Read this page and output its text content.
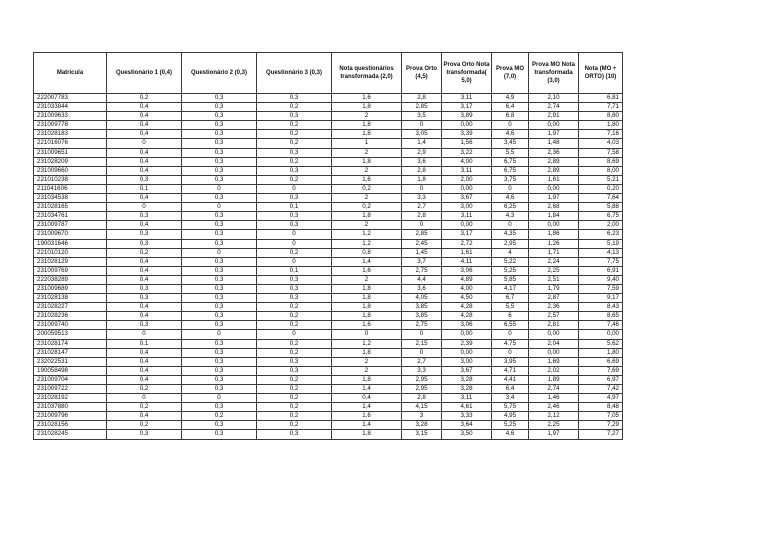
Matrícula	Questionário 1 (0,4)	Questionário 2 (0,3)	Questionário 3 (0,3)	Nota questionários transformada (2,0)	Prova Orto (4,5)	Prova Orto Nota transformada( 5,0)	Prova MO (7,0)	Prova MO Nota transformada (3,0)	Nota (MO + ORTO) (10)
222007783	0,2	0,3	0,3	1,6	2,8	3,11	4,9	2,10	6,81
231033844	0,4	0,3	0,2	1,8	2,85	3,17	6,4	2,74	7,71
231009633	0,4	0,3	0,3	2	3,5	3,89	6,8	2,91	8,80
231009778	0,4	0,3	0,2	1,8	0	0,00	0	0,00	1,80
231028183	0,4	0,3	0,2	1,8	3,05	3,39	4,6	1,97	7,16
221016076	0	0,3	0,2	1	1,4	1,56	3,45	1,48	4,03
231009651	0,4	0,3	0,3	2	2,9	3,22	5,5	2,36	7,58
231028209	0,4	0,3	0,2	1,8	3,6	4,00	6,75	2,89	8,69
231009660	0,4	0,3	0,3	2	2,8	3,11	6,75	2,89	8,00
221010238	0,3	0,3	0,2	1,6	1,8	2,00	3,75	1,61	5,21
211041606	0,1	0	0	0,2	0	0,00	0	0,00	0,20
231034538	0,4	0,3	0,3	2	3,3	3,67	4,6	1,97	7,64
231028165	0	0	0,1	0,2	2,7	3,00	6,25	2,68	5,88
231034761	0,3	0,3	0,3	1,8	2,8	3,11	4,3	1,84	6,75
231009787	0,4	0,3	0,3	2	0	0,00	0	0,00	2,00
231009670	0,3	0,3	0	1,2	2,85	3,17	4,35	1,86	6,23
190031646	0,3	0,3	0	1,2	2,45	2,72	2,95	1,26	5,19
221010120	0,2	0	0,2	0,8	1,45	1,61	4	1,71	4,13
231028129	0,4	0,3	0	1,4	3,7	4,11	5,22	2,24	7,75
231009769	0,4	0,3	0,1	1,6	2,75	3,06	5,25	2,25	6,91
222038289	0,4	0,3	0,3	2	4,4	4,89	5,85	2,51	9,40
231009689	0,3	0,3	0,3	1,8	3,6	4,00	4,17	1,79	7,59
231028138	0,3	0,3	0,3	1,8	4,05	4,50	6,7	2,87	9,17
231028227	0,4	0,3	0,2	1,8	3,85	4,28	5,5	2,36	8,43
231028236	0,4	0,3	0,2	1,8	3,85	4,28	6	2,57	8,65
231009740	0,3	0,3	0,2	1,6	2,75	3,06	6,55	2,81	7,46
200059513	0	0	0	0	0	0,00	0	0,00	0,00
231028174	0,1	0,3	0,2	1,2	2,15	2,39	4,75	2,04	5,62
231028147	0,4	0,3	0,2	1,8	0	0,00	0	0,00	1,80
232022531	0,4	0,3	0,3	2	2,7	3,00	3,95	1,69	6,69
190058498	0,4	0,3	0,3	2	3,3	3,67	4,71	2,02	7,69
231009704	0,4	0,3	0,2	1,8	2,95	3,28	4,41	1,89	6,97
231009722	0,2	0,3	0,2	1,4	2,95	3,28	6,4	2,74	7,42
231028192	0	0	0,2	0,4	2,8	3,11	3,4	1,46	4,97
231037880	0,2	0,3	0,2	1,4	4,15	4,61	5,75	2,46	8,48
231009796	0,4	0,2	0,2	1,6	3	3,33	4,95	2,12	7,05
231028156	0,2	0,3	0,2	1,4	3,28	3,64	5,25	2,25	7,29
231028245	0,3	0,3	0,3	1,8	3,15	3,50	4,6	1,97	7,27
